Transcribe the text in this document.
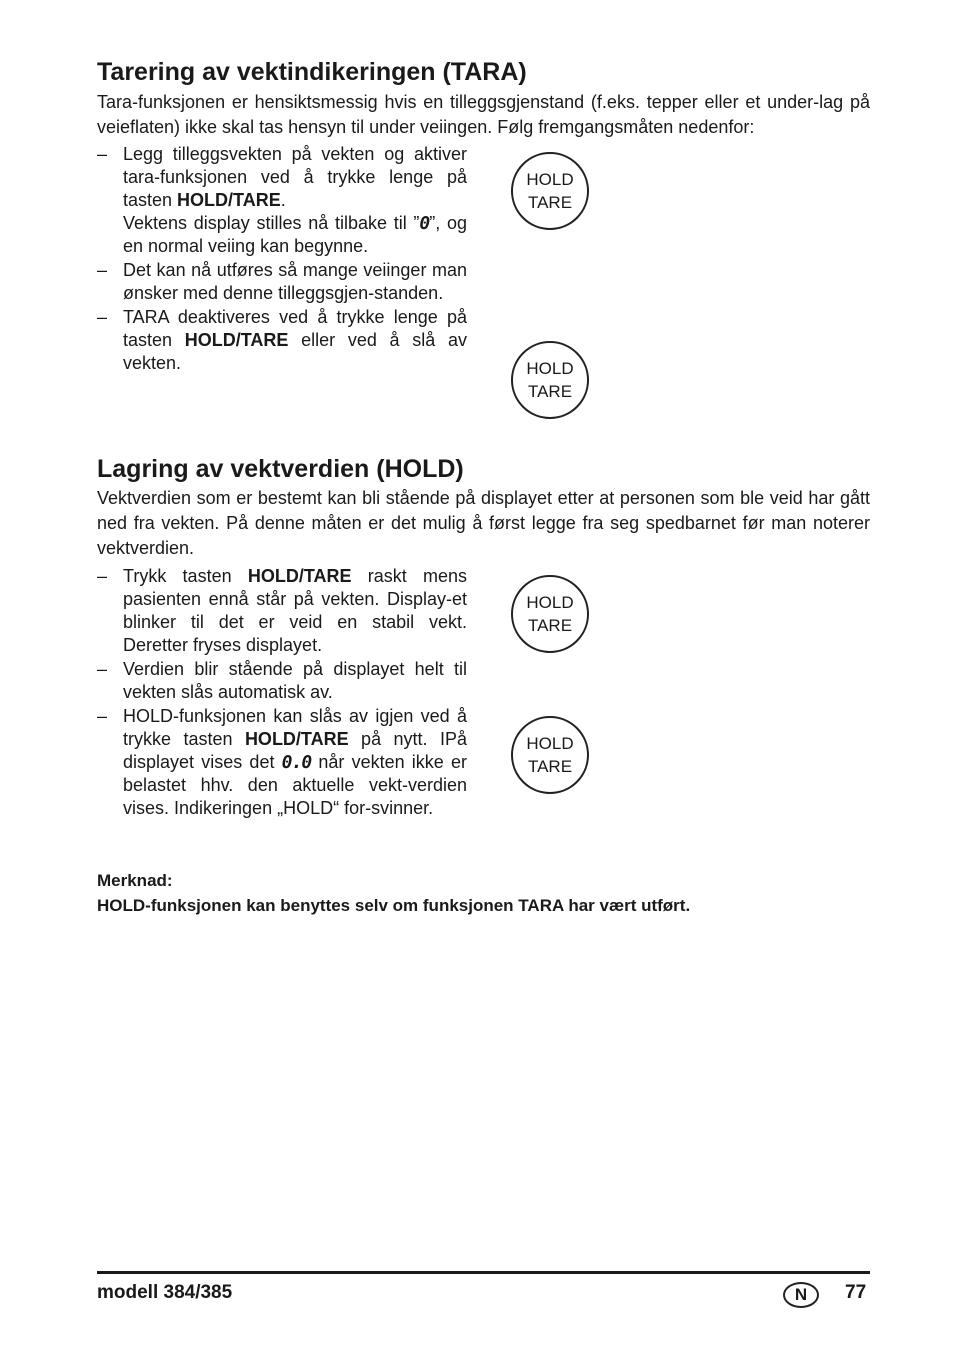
Tarering av vektindikeringen (TARA)

Tara-funksjonen er hensiktsmessig hvis en tilleggsgjenstand (f.eks. tepper eller et under-lag på veieflaten) ikke skal tas hensyn til under veiingen. Følg fremgangsmåten nedenfor:

– Legg tilleggsvekten på vekten og aktiver tara-funksjonen ved å trykke lenge på tasten HOLD/TARE.

Vektens display stilles nå tilbake til ”0”, og en normal veiing kan begynne.

– Det kan nå utføres så mange veiinger man ønsker med denne tilleggsgjen-standen.

– TARA deaktiveres ved å trykke lenge på tasten HOLD/TARE eller ved å slå av vekten.

HOLD
TARE
HOLD
TARE
Lagring av vektverdien (HOLD)

Vektverdien som er bestemt kan bli stående på displayet etter at personen som ble veid har gått ned fra vekten. På denne måten er det mulig å først legge fra seg spedbarnet før man noterer vektverdien.

– Trykk tasten HOLD/TARE raskt mens pasienten ennå står på vekten. Display-et blinker til det er veid en stabil vekt. Deretter fryses displayet.

– Verdien blir stående på displayet helt til vekten slås automatisk av.

– HOLD-funksjonen kan slås av igjen ved å trykke tasten HOLD/TARE på nytt. IPå displayet vises det 0.0 når vekten ikke er belastet hhv. den aktuelle vekt-verdien vises. Indikeringen „HOLD“ for-svinner.

HOLD
TARE
HOLD
TARE
Merknad:
HOLD-funksjonen kan benyttes selv om funksjonen TARA har vært utført.
modell 384/385	N	77
